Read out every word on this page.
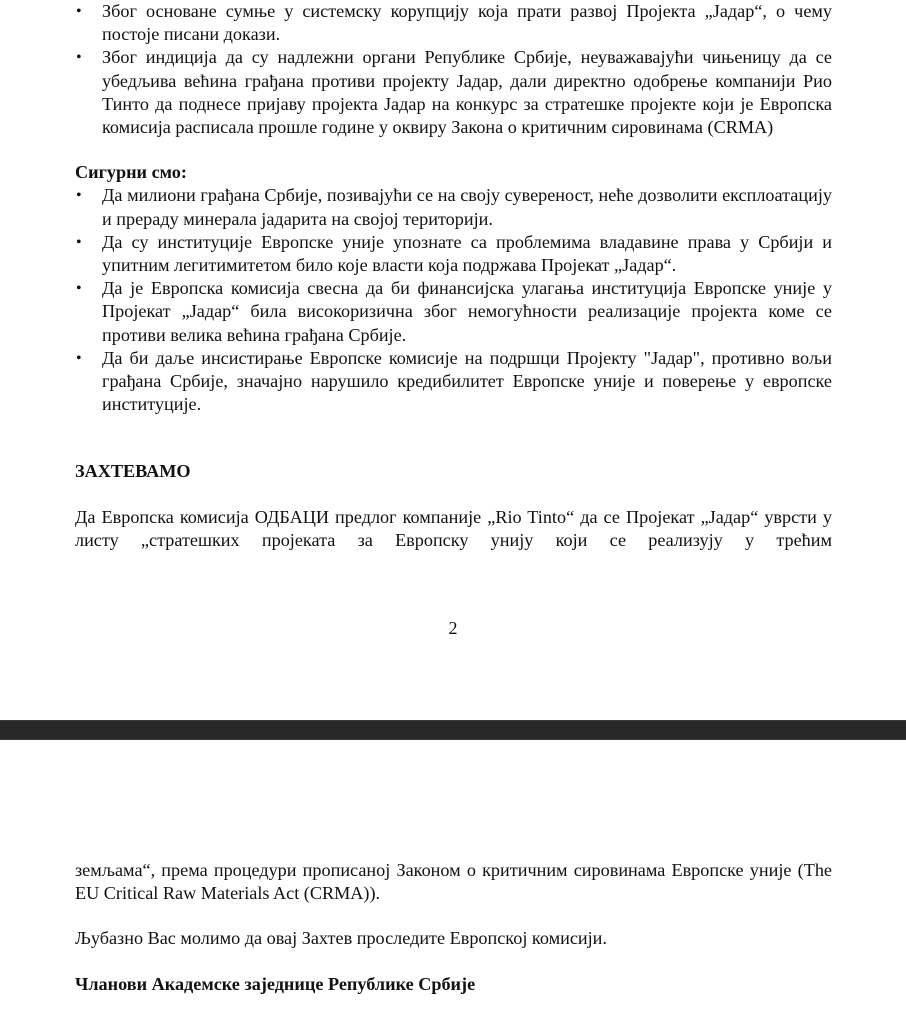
• Због основане сумње у системску корупцију која прати развој Пројекта „Јадар“, о чему постоје писани докази.
• Због индиција да су надлежни органи Републике Србије, неуважавајући чињеницу да се убедљива већина грађана противи пројекту Јадар, дали директно одобрење компанији Рио Тинто да поднесе пријаву пројекта Јадар на конкурс за стратешке пројекте који је Европска комисија расписала прошле године у оквиру Закона о критичним сировинама (CRMA)

Сигурни смо:

• Да милиони грађана Србије, позивајући се на своју сувереност, неће дозволити експлоатацију и прераду минерала јадарита на својој територији.
• Да су институције Европске уније упознате са проблемима владавине права у Србији и упитним легитимитетом било које власти која подржава Пројекат „Јадар“.
• Да је Европска комисија свесна да би финансијска улагања институција Европске уније у Пројекат „Јадар“ била високоризична због немогућности реализације пројекта коме се противи велика већина грађана Србије.
• Да би даље инсистирање Европске комисије на подршци Пројекту "Јадар", противно вољи грађана Србије, значајно нарушило кредибилитет Европске уније и поверење у европске институције.

ЗАХТЕВАМО

Да Европска комисија ОДБАЦИ предлог компаније „Rio Tinto“ да се Пројекат „Јадар“ уврсти у листу „стратешких пројеката за Европску унију који се реализују у трећим

2

земљама“, према процедури прописаној Законом о критичним сировинама Европске уније (The EU Critical Raw Materials Act (CRMA)).

Љубазно Вас молимо да овај Захтев проследите Европској комисији.

Чланови Академске заједнице Републике Србије
